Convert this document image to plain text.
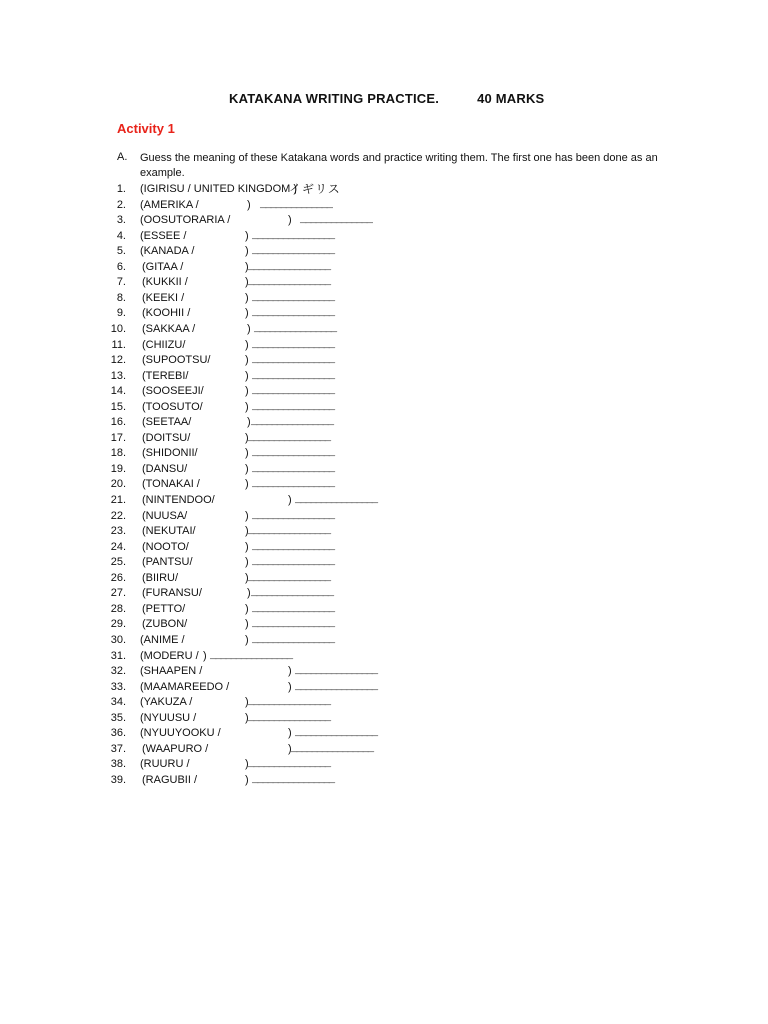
KATAKANA WRITING PRACTICE.	40 MARKS
Activity 1
A. Guess the meaning of these Katakana words and practice writing them. The first one has been done as an example.
1. (IGIRISU / UNITED KINGDOM )
イギリス
2. (AMERIKA /	) ______________
3. (OOSUTORARIA /	) ______________
4. (ESSEE /	) ________________
5. (KANADA /	) ________________
6. (GITAA /	) ________________
7. (KUKKII /	) ________________
8. (KEEKI /	) ________________
9. (KOOHII /	) ________________
10. (SAKKAA /	) ________________
11. (CHIIZU/	) ________________
12. (SUPOOTSU/	) ________________
13. (TEREBI/	) ________________
14. (SOOSEEJI/	) ________________
15. (TOOSUTO/	) ________________
16. (SEETAA/	) ________________
17. (DOITSU/	) ________________
18. (SHIDONII/	) ________________
19. (DANSU/	) ________________
20. (TONAKAI /	) ________________
21. (NINTENDOO/	) ________________
22. (NUUSA/	) ________________
23. (NEKUTAI/	) ________________
24. (NOOTO/	) ________________
25. (PANTSU/	) ________________
26. (BIIRU/	) ________________
27. (FURANSU/	) ________________
28. (PETTO/	) ________________
29. (ZUBON/	) ________________
30. (ANIME /	) ________________
31. (MODERU / ) ________________
32. (SHAAPEN /	) ________________
33. (MAAMAREEDO /	) ________________
34. (YAKUZA /	) ________________
35. (NYUUSU /	) ________________
36. (NYUUYOOKU /	) ________________
37. (WAAPURO /	) ________________
38. (RUURU /	) ________________
39. (RAGUBII /	) ________________
